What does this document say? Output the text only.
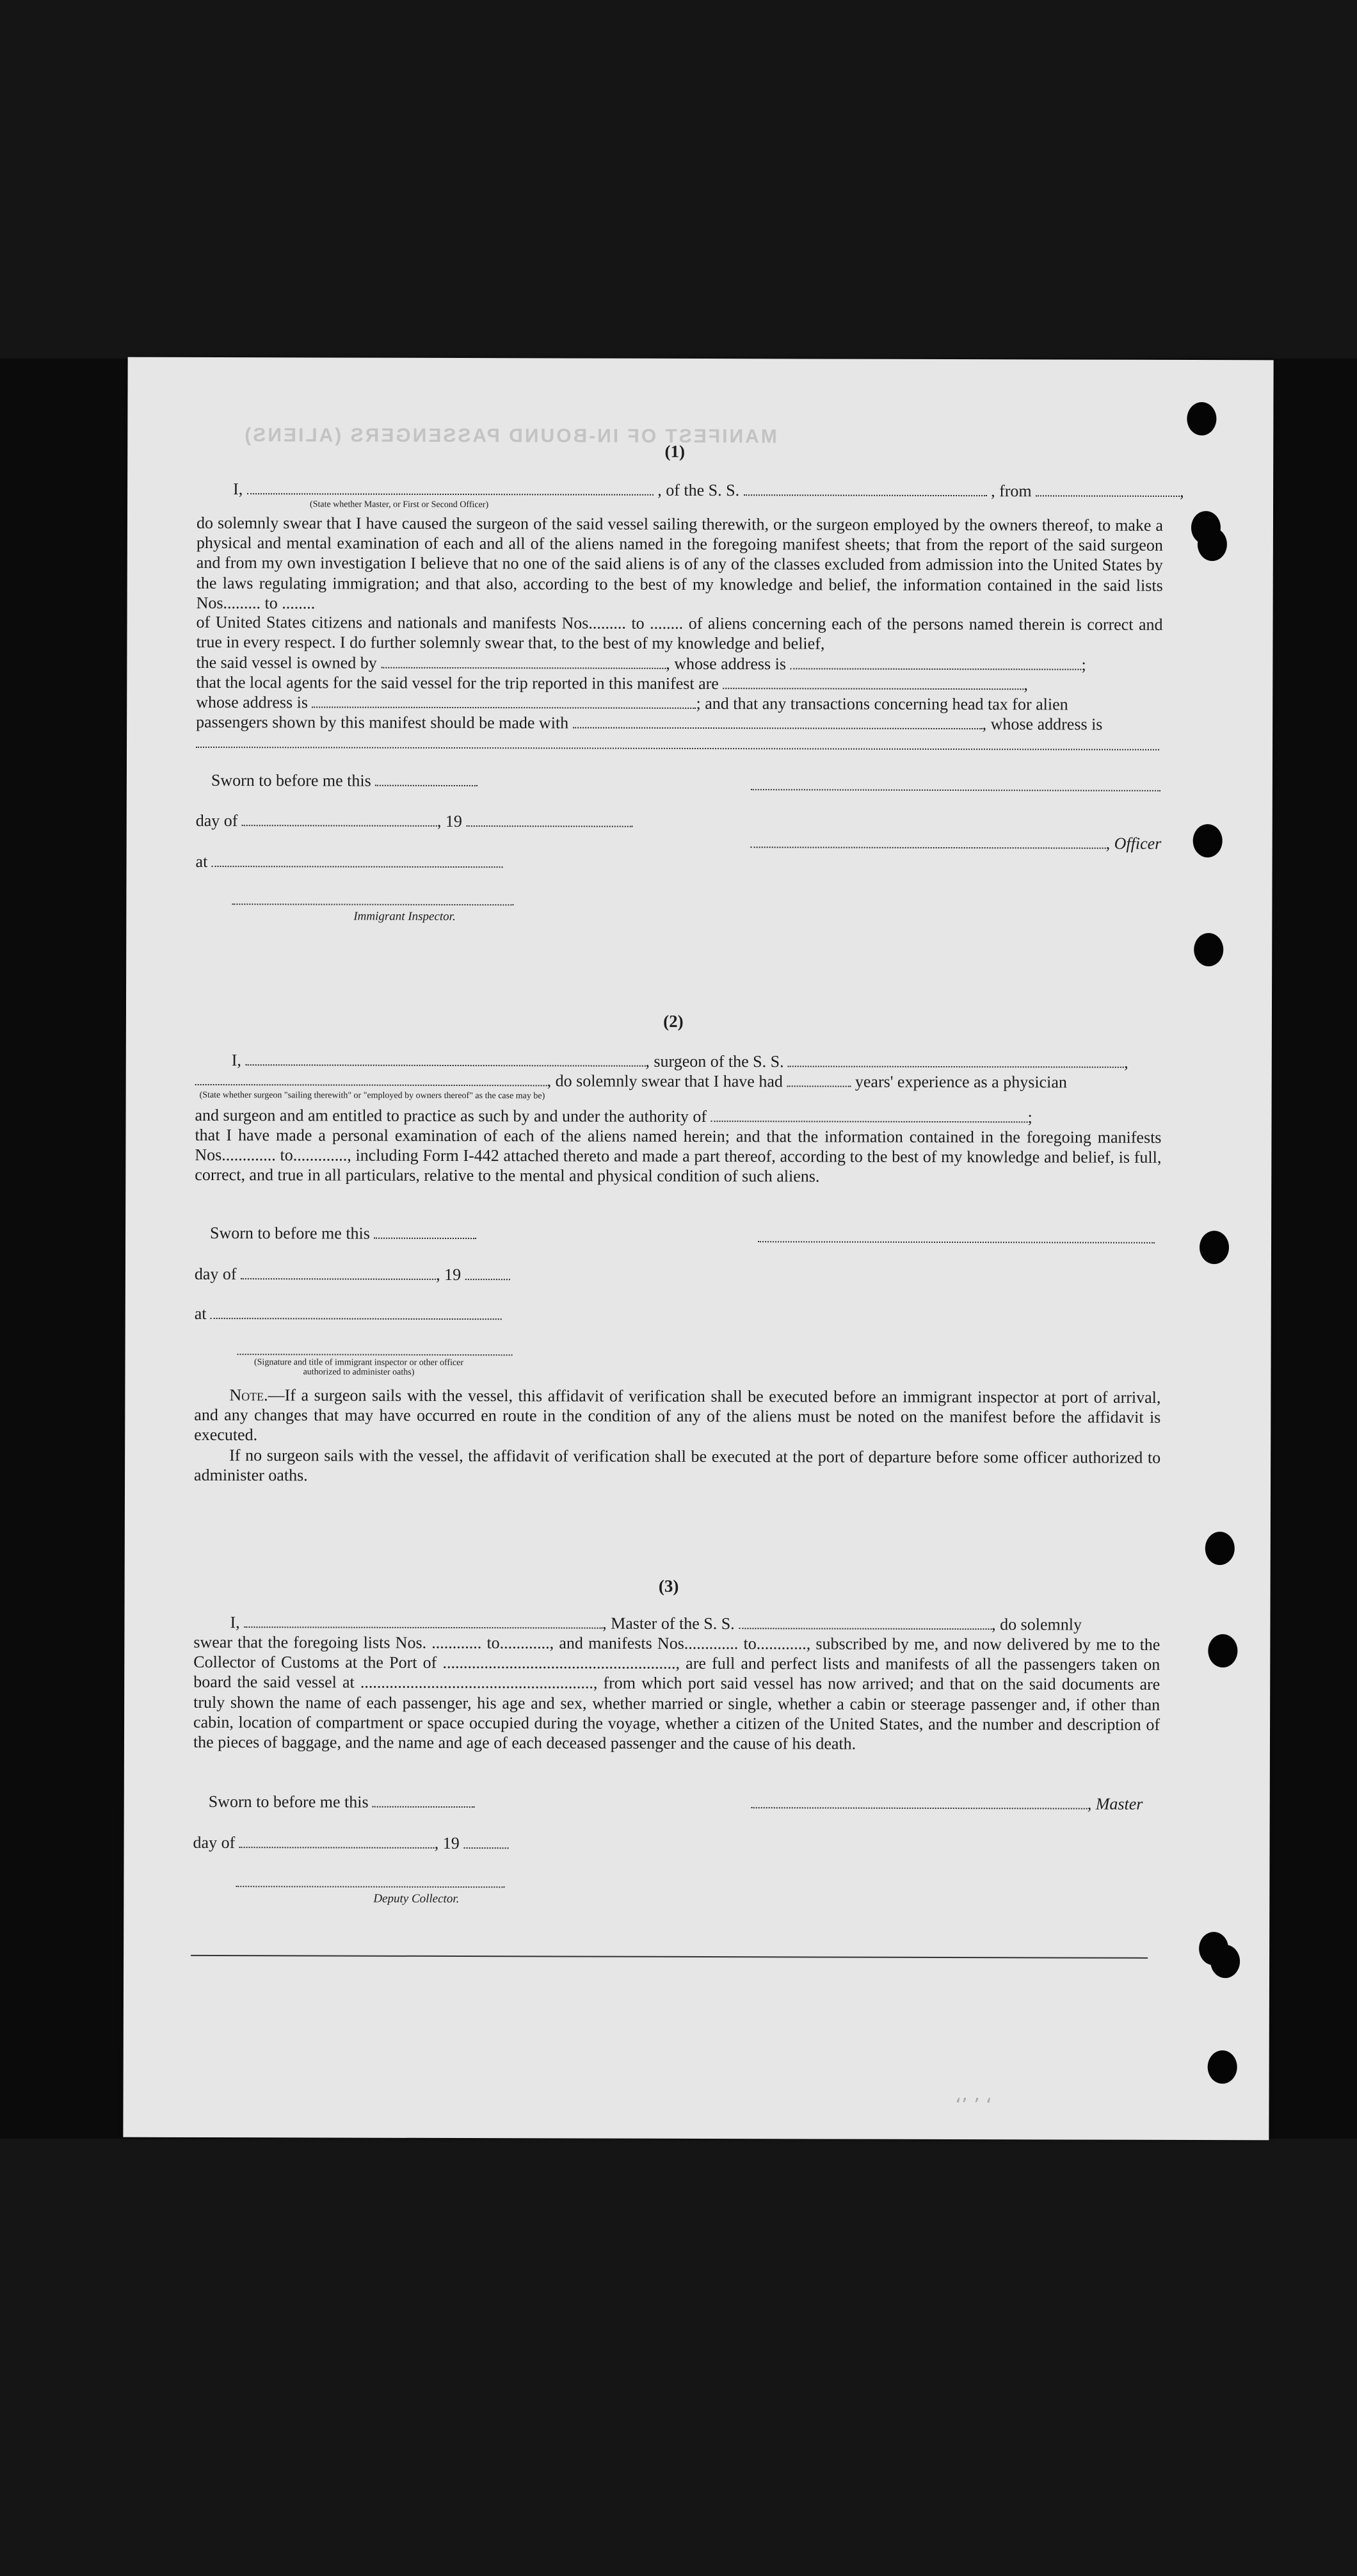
MANIFEST OF IN-BOUND PASSENGERS (ALIENS)
(1)
I,	, of the S. S.	, from	,
(State whether Master, or First or Second Officer)
do solemnly swear that I have caused the surgeon of the said vessel sailing therewith, or the surgeon employed by the owners thereof, to make a physical and mental examination of each and all of the aliens named in the foregoing manifest sheets; that from the report of the said surgeon and from my own investigation I believe that no one of the said aliens is of any of the classes excluded from admission into the United States by the laws regulating immigration; and that also, according to the best of my knowledge and belief, the information contained in the said lists Nos......... to ........
of United States citizens and nationals and manifests Nos......... to ........ of aliens concerning each of the persons named therein is correct and true in every respect. I do further solemnly swear that, to the best of my knowledge and belief,
the said vessel is owned by	, whose address is	;
that the local agents for the said vessel for the trip reported in this manifest are	,
whose address is	; and that any transactions concerning head tax for alien
passengers shown by this manifest should be made with	, whose address is
Sworn to before me this
day of	, 19
, Officer
at
Immigrant Inspector.
(2)
I,	, surgeon of the S. S.	,
, do solemnly swear that I have had	years' experience as a physician
(State whether surgeon "sailing therewith" or "employed by owners thereof" as the case may be)
and surgeon and am entitled to practice as such by and under the authority of	;
that I have made a personal examination of each of the aliens named herein; and that the information contained in the foregoing manifests Nos............. to............., including Form I-442 attached thereto and made a part thereof, according to the best of my knowledge and belief, is full, correct, and true in all particulars, relative to the mental and physical condition of such aliens.
Sworn to before me this
day of	, 19
at
(Signature and title of immigrant inspector or other officer authorized to administer oaths)
Note.—If a surgeon sails with the vessel, this affidavit of verification shall be executed before an immigrant inspector at port of arrival, and any changes that may have occurred en route in the condition of any of the aliens must be noted on the manifest before the affidavit is executed.
If no surgeon sails with the vessel, the affidavit of verification shall be executed at the port of departure before some officer authorized to administer oaths.
(3)
I,	, Master of the S. S.	, do solemnly
swear that the foregoing lists Nos. ............ to............, and manifests Nos............. to............, subscribed by me, and now delivered by me to the Collector of Customs at the Port of ........................................................, are full and perfect lists and manifests of all the passengers taken on board the said vessel at ........................................................, from which port said vessel has now arrived; and that on the said documents are truly shown the name of each passenger, his age and sex, whether married or single, whether a cabin or steerage passenger and, if other than cabin, location of compartment or space occupied during the voyage, whether a citizen of the United States, and the number and description of the pieces of baggage, and the name and age of each deceased passenger and the cause of his death.
Sworn to before me this	, Master
day of	, 19
Deputy Collector.
‘’ ’ ‘
